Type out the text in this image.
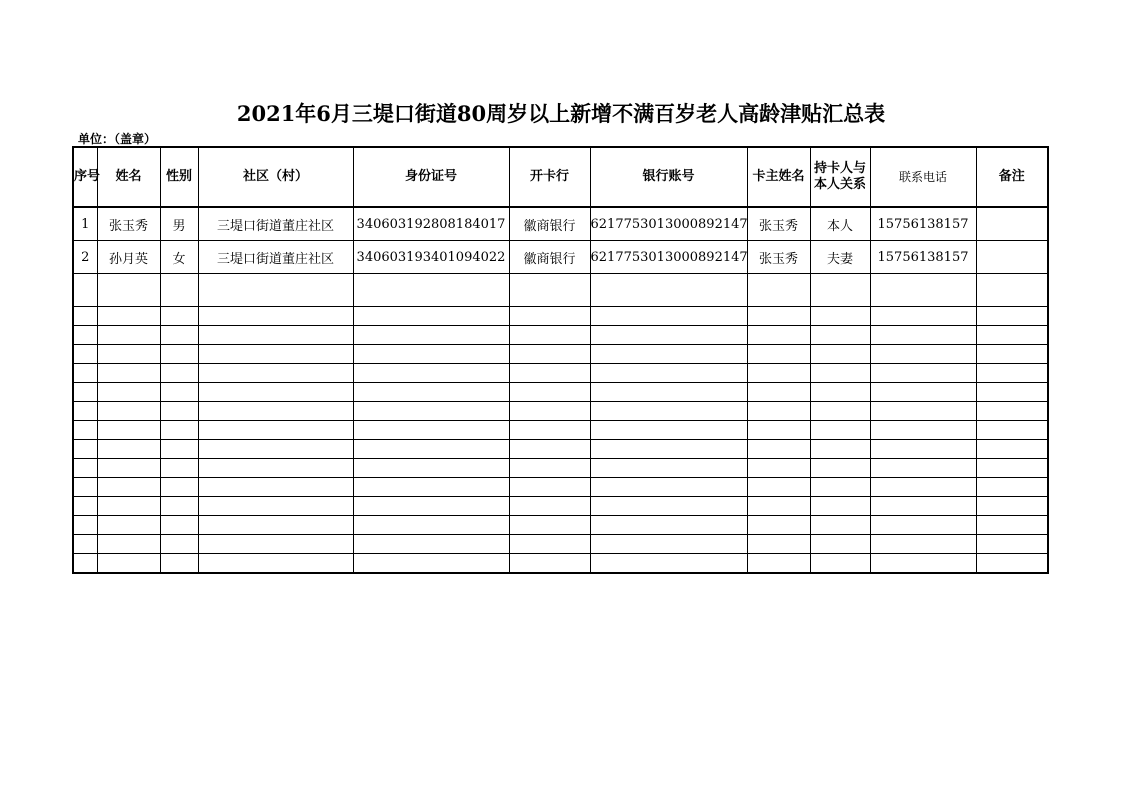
2021年6月三堤口街道80周岁以上新增不满百岁老人高龄津贴汇总表
单位：（盖章）
序号	姓名	性别	社区（村）	身份证号	开卡行	银行账号	卡主姓名	持卡人与本人关系	联系电话	备注
1	张玉秀	男	三堤口街道董庄社区	340603192808184017	徽商银行	6217753013000892147	张玉秀	本人	15756138157	
2	孙月英	女	三堤口街道董庄社区	340603193401094022	徽商银行	6217753013000892147	张玉秀	夫妻	15756138157	
